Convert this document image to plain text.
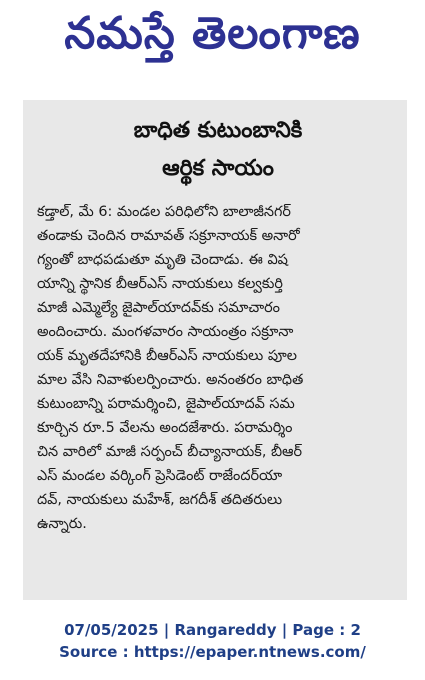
నమస్తే తెలంగాణ
బాధిత కుటుంబానికి
ఆర్థిక సాయం
కడ్తాల్, మే 6: మండల పరిధిలోని బాలాజీనగర్
తండాకు చెందిన రామావత్ సక్రూనాయక్ అనారో
గ్యంతో బాధపడుతూ మృతి చెందాడు. ఈ విష
యాన్ని స్థానిక బీఆర్ఎస్ నాయకులు కల్వకుర్తి
మాజీ ఎమ్మెల్యే జైపాల్‌యాదవ్‌కు సమాచారం
అందించారు. మంగళవారం సాయంత్రం సక్రూనా
యక్ మృతదేహానికి బీఆర్ఎస్ నాయకులు పూల
మాల వేసి నివాళులర్పించారు. అనంతరం బాధిత
కుటుంబాన్ని పరామర్శించి, జైపాల్‌యాదవ్ సమ
కూర్చిన రూ.5 వేలను అందజేశారు. పరామర్శిం
చిన వారిలో మాజీ సర్పంచ్ బీచ్యానాయక్, బీఆర్
ఎస్ మండల వర్కింగ్ ప్రెసిడెంట్ రాజేందర్‌యా
దవ్, నాయకులు మహేశ్, జగదీశ్ తదితరులు
ఉన్నారు.
07/05/2025 | Rangareddy | Page : 2
Source : https://epaper.ntnews.com/
